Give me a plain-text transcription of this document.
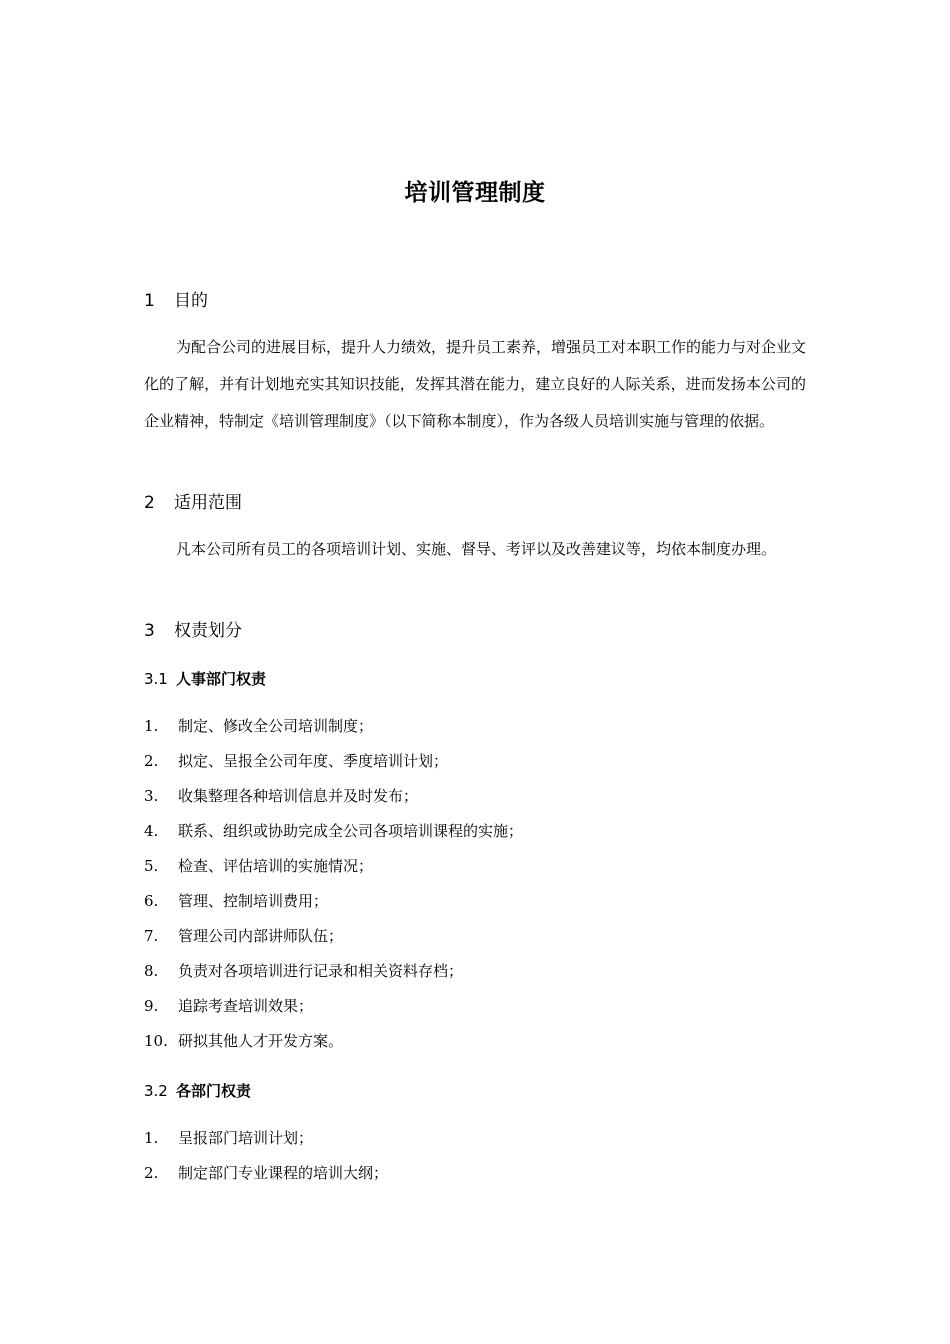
培训管理制度
1 目的
为配合公司的进展目标，提升人力绩效，提升员工素养，增强员工对本职工作的能力与对企业文化的了解，并有计划地充实其知识技能，发挥其潜在能力，建立良好的人际关系，进而发扬本公司的企业精神，特制定《培训管理制度》（以下简称本制度），作为各级人员培训实施与管理的依据。
2 适用范围
凡本公司所有员工的各项培训计划、实施、督导、考评以及改善建议等，均依本制度办理。
3 权责划分
3.1 人事部门权责
1. 制定、修改全公司培训制度；
2. 拟定、呈报全公司年度、季度培训计划；
3. 收集整理各种培训信息并及时发布；
4. 联系、组织或协助完成全公司各项培训课程的实施；
5. 检查、评估培训的实施情况；
6. 管理、控制培训费用；
7. 管理公司内部讲师队伍；
8. 负责对各项培训进行记录和相关资料存档；
9. 追踪考查培训效果；
10. 研拟其他人才开发方案。
3.2 各部门权责
1. 呈报部门培训计划；
2. 制定部门专业课程的培训大纲；
